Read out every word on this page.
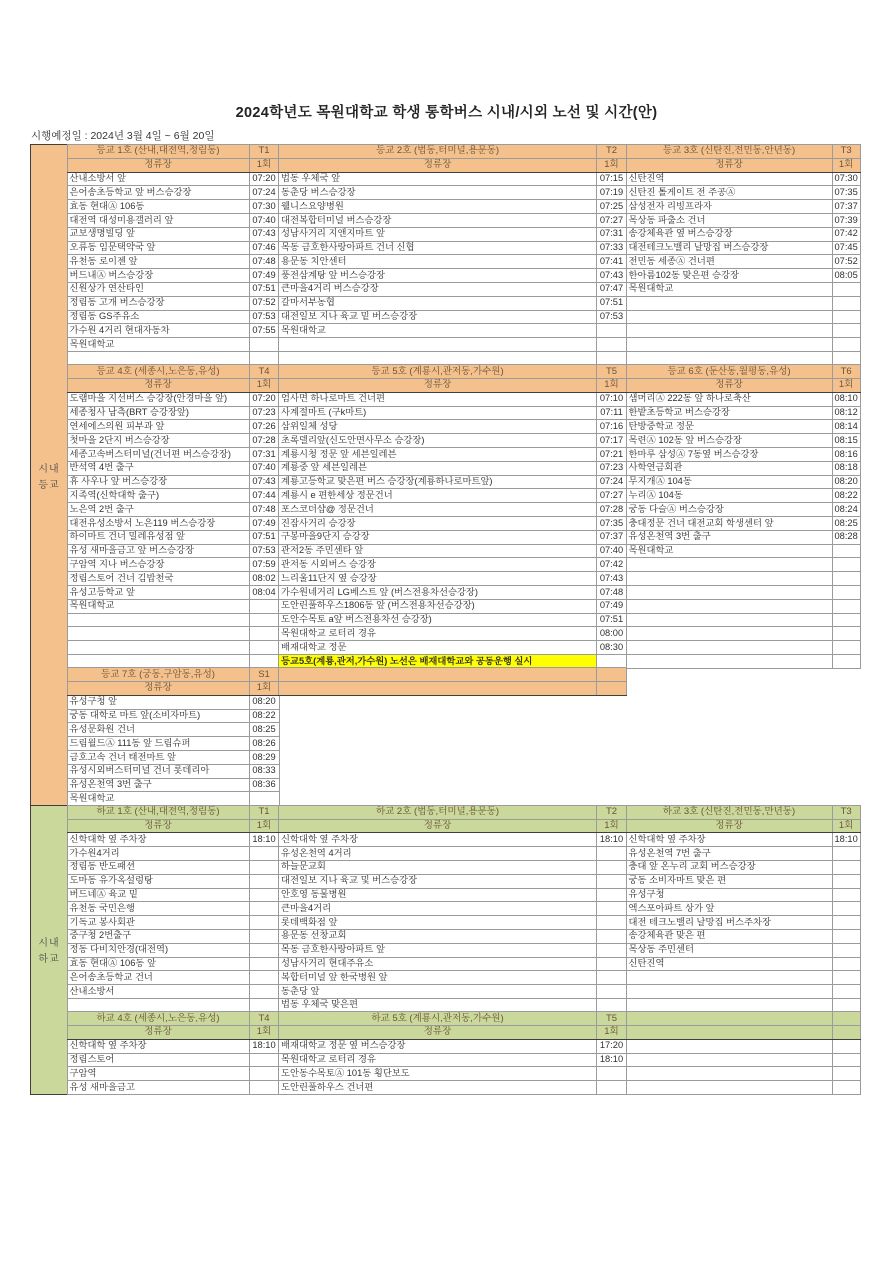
2024학년도 목원대학교 학생 통학버스 시내/시외 노선 및 시간(안)
시행예정일 : 2024년 3월 4일 ~ 6월 20일
시내
등교
등교 1호 (산내,대전역,정림동)	T1
정류장	1회
산내소방서 앞	07:20
은어송초등학교 앞 버스승강장	07:24
효동 현대Ⓐ 106동	07:30
대전역 대성미용갤러리 앞	07:40
교보생명빌딩 앞	07:43
오류동 임문택약국 앞	07:46
유천동 로이젠 앞	07:48
버드내Ⓐ 버스승강장	07:49
신원상가 연산타인	07:51
정림동 고개 버스승강장	07:52
정림동 GS주유소	07:53
가수원 4거리 현대자동차	07:55
목원대학교	

등교 2호 (법동,터미널,용문동)	T2
정류장	1회
법동 우체국 앞	07:15
동춘당 버스승강장	07:19
웰니스요양병원	07:25
대전복합터미널 버스승강장	07:27
성남사거리 지앤지마트 앞	07:31
목동 금호한사랑아파트 건너 신협	07:33
용문동 치안센터	07:41
풍전삼계탕 앞 버스승강장	07:43
큰마을4거리 버스승강장	07:47
갈마서부농협	07:51
대전일보 지나 육교 밑 버스승강장	07:53
목원대학교	

등교 3호 (신탄진,전민동,안년동)	T3
정류장	1회
신탄진역	07:30
신탄진 톨게이트 전 주공Ⓐ	07:35
삼성전자 리빙프라자	07:37
목상동 파출소 건너	07:39
송강체육관 옆 버스승강장	07:42
대전테크노밸리 날망집 버스승강장	07:45
전민동 세종Ⓐ 건너편	07:52
한아름102동 맞은편 승강장	08:05
목원대학교	

등교 4호 (세종시,노은동,유성)	T4
정류장	1회
도램마을 지선버스 승강장(안경마을 앞)	07:20
세종청사 남측(BRT 승강장앞)	07:23
연세에스의원 피부과 앞	07:26
첫마을 2단지 버스승강장	07:28
세종고속버스터미널(건너편 버스승강장)	07:31
반석역 4번 출구	07:40
휴 사우나 앞 버스승강장	07:43
지족역(신학대학 출구)	07:44
노은역 2번 출구	07:48
대전유성소방서 노은119 버스승강장	07:49
하이마트 건너 밀레유성점 앞	07:51
유성 새마을금고 앞 버스승강장	07:53
구암역 지나 버스승강장	07:59
정림스토어 건너 김밥천국	08:02
유성고등학교 앞	08:04
목원대학교	

등교 5호 (계룡시,관저동,가수원)	T5
정류장	1회
엄사면 하나로마트 건너편	07:10
사계절마트 (구k마트)	07:11
삼위일체 성당	07:16
초록델리앞(신도안면사무소 승강장)	07:17
계룡시청 정문 앞 세븐일레븐	07:21
계룡중 앞 세븐일레븐	07:23
계룡고등학교 맞은편 버스 승강장(계룡하나로마트앞)	07:24
계룡시 e 편한세상 정문건너	07:27
포스코더샵@ 정문건너	07:28
진잠사거리 승강장	07:35
구봉마을9단지 승강장	07:37
관저2동 주민센타 앞	07:40
관저동 시외버스 승강장	07:42
느리울11단지 옆 승강장	07:43
가수원네거리 LG베스트 앞 (버스전용차선승강장)	07:48
도안린풀하우스1806동 앞 (버스전용차선승강장)	07:49
도안수목토 a앞 버스전용차선 승강장)	07:51
목원대학교 로터리 경유	08:00
배재대학교 정문	08:30
등교5호(계룡,관저,가수원) 노선은 배재대학교와 공동운행 실시	
등교 6호 (둔산동,월평동,유성)	T6
정류장	1회
샘머리Ⓐ 222동 앞 하나로축산	08:10
한밭초등학교 버스승강장	08:12
탄방중학교 정문	08:14
목련Ⓐ 102동 앞 버스승강장	08:15
한마루 삼성Ⓐ 7동옆 버스승강장	08:16
사학연금회관	08:18
무지개Ⓐ 104동	08:20
누리Ⓐ 104동	08:22
궁동 다슬Ⓐ 버스승강장	08:24
충대정문 건너 대전교회 학생센터 앞	08:25
유성온천역 3번 출구	08:28
목원대학교	

등교 7호 (궁동,구암동,유성)	S1
정류장	1회
유성구청 앞	08:20
궁동 대학로 마트 앞(소비자마트)	08:22
유성문화원 건너	08:25
드림월드Ⓐ 111동 앞 드림슈퍼	08:26
금호고속 건너 태전마트 앞	08:29
유성시외버스터미널 건너 롯데리아	08:33
유성온천역 3번 출구	08:36
목원대학교	

시내
하교
하교 1호 (산내,대전역,정림동)	T1
정류장	1회
신학대학 옆 주차장	18:10
가수원4거리	
정림동 반도패션	
도마동 유가옥설렁탕	
버드네Ⓐ 육교 밑	
유천동 국민은행	
기독교 봉사회관	
중구청 2번출구	
정동 다비치안경(대전역)	
효동 현대Ⓐ 106동 앞	
은어송초등학교 건너	
산내소방서	

하교 2호 (법동,터미널,용문동)	T2
정류장	1회
신학대학 옆 주차장	18:10
유성온천역 4거리	
하늘문교회	
대전일보 지나 육교 및 버스승강장	
안호영 동물병원	
큰마을4거리	
롯데백화점 앞	
용문동 선창교회	
목동 금호한사랑아파트 앞	
성남사거리 현대주유소	
복합터미널 앞 한국병원 앞	
동춘당 앞	
법동 우체국 맞은편	
하교 3호 (신탄진,전민동,만년동)	T3
정류장	1회
신학대학 옆 주차장	18:10
유성온천역 7번 출구	
충대 앞 온누리 교회 버스승강장	
궁동 소비자마트 맞은 편	
유성구청	
엑스포아파트 상가 앞	
대전 테크노밸리 날망집 버스주차장	
송강체육관 맞은 편	
목상동 주민센터	
신탄진역	

하교 4호 (세종시,노은동,유성)	T4
정류장	1회
신학대학 옆 주차장	18:10
정림스토어	
구암역	
유성 새마을금고	
하교 5호 (계룡시,관저동,가수원)	T5
정류장	1회
배재대학교 정문 옆 버스승강장	17:20
목원대학교 로터리 경유	18:10
도안동수목토Ⓐ 101동 횡단보도	
도안린풀하우스 건너편	
